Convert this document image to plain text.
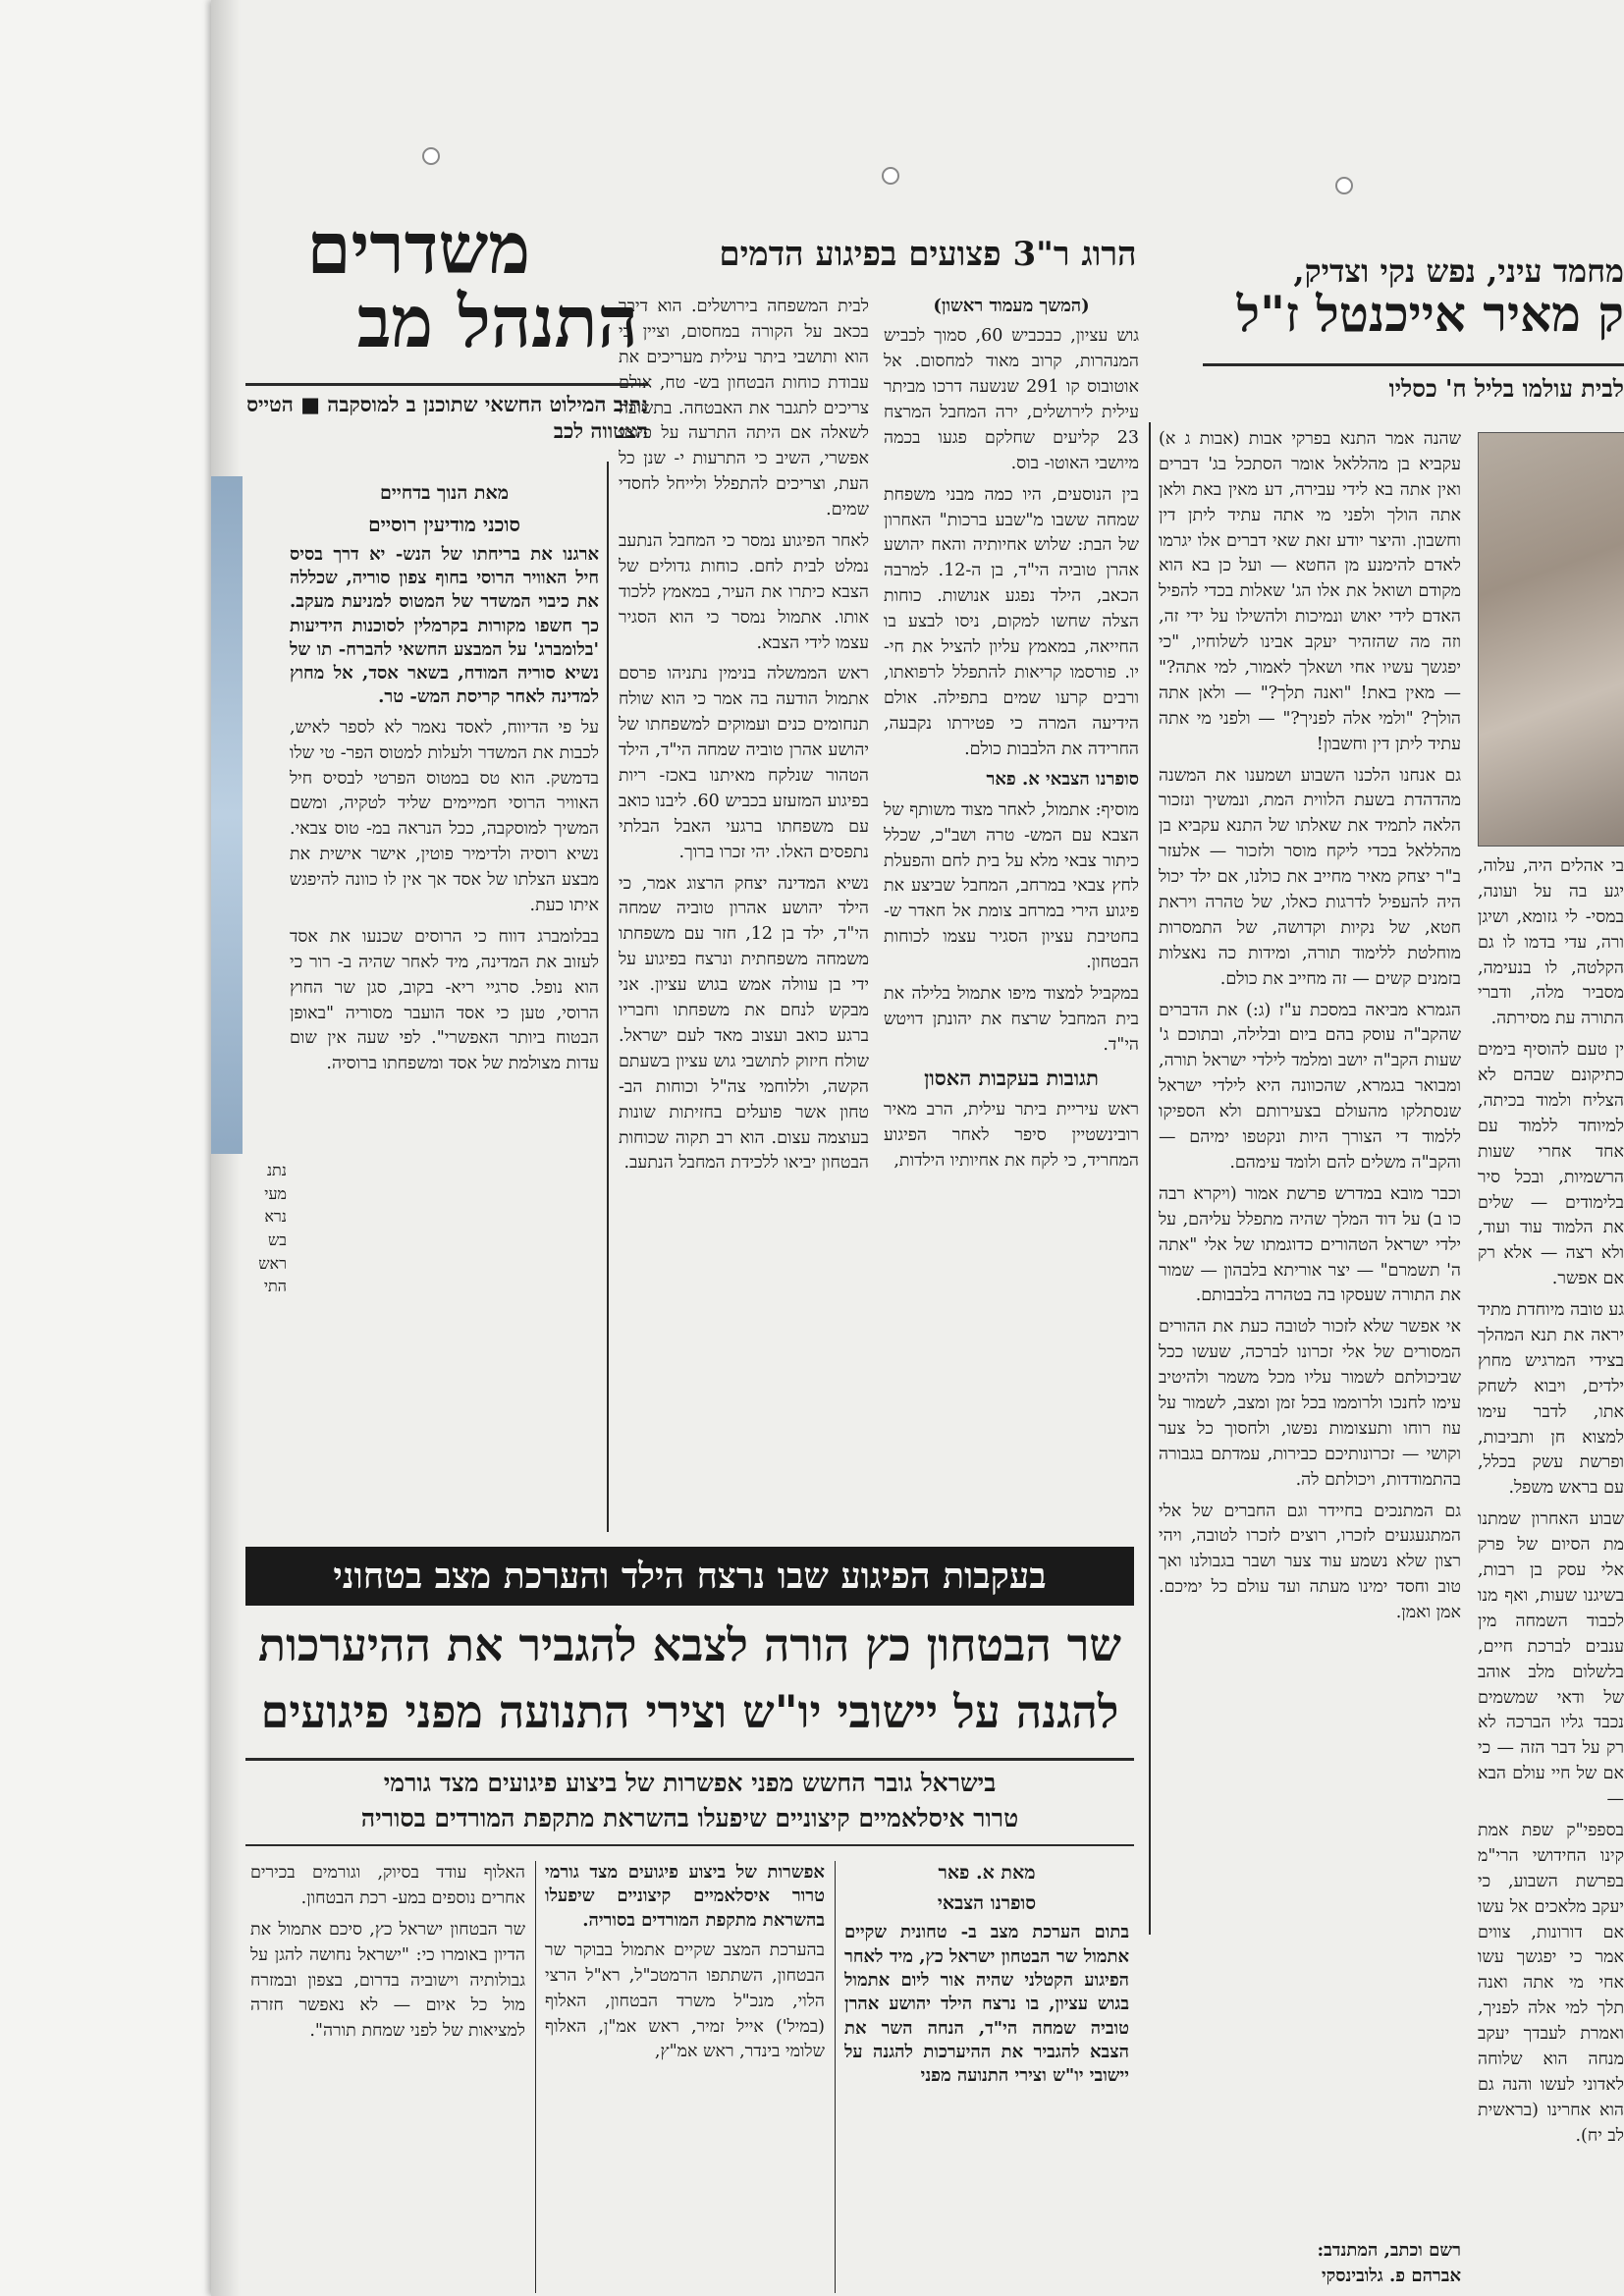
מחמד עיני, נפש נקי וצדיק,
ק מאיר אייכנטל ז"ל
לבית עולמו בליל ח' כסליו
הרוג ר"3 פצועים בפיגוע הדמים
משדרים
התנהל מב
נתיב המילוט החשאי שתוכנן ב למוסקבה ■ הטייס הצטווה לכב

בי אהלים היה, עלוה, יגע בה על ועונה, במסי- לי גזומא, ושיגן ורה, עדי בדמו לו גם הקלטה, לו בנעימה, מסביר מלה, ודברי התורה עת מסירתה.

ין טעם להוסיף בימים כתיקונם שבהם לא הצליח ולמוד בכיתה, למיוחד ללמוד עם אחד אחרי שעות הרשמיות, ובכל סיר בלימודים — שלים את הלמוד עוד ועוד, ולא רצה — אלא רק אם אפשר.

גע טובה מיוחדת מתיד יראה את תנא המהלך בצידי המרגיש מחוץ ילדים, ויבוא לשחק אתו, לדבר עימו למצוא חן ותביבות, ופרשת עשק בכלל, עם בראש משפל.

שבוע האחרון שמתנו מת הסיום של פרק אלי עסק בן רבות, בשיגנו שעות, ואף מנו לכבוד השמחה מין ענבים לברכת חיים, בלשלום מלב אוהב של ודאי שמשמים נכבד גליו הברכה לא רק על דבר הזה — כי אם של חיי עולם הבא —

בספפי"ק שפת אמת קינו החידושי הרי"מ בפרשת השבוע, כי יעקב מלאכים אל עשו אם דורונות, צווים אמר כי יפגשך עשו אחי מי אתה ואנה תלך למי אלה לפניך, ואמרת לעבדך יעקב מנחה הוא שלוחה לאדוני לעשו והנה גם הוא אחרינו (בראשית לב יח).

שהנה אמר התנא בפרקי אבות (אבות ג א) עקביא בן מהללאל אומר הסתכל בג' דברים ואין אתה בא לידי עבירה, דע מאין באת ולאן אתה הולך ולפני מי אתה עתיד ליתן דין וחשבון. והיצר יודע זאת שאי דברים אלו יגרמו לאדם להימנע מן החטא — ועל כן בא הוא מקודם ושואל את אלו הג' שאלות בכדי להפיל האדם לידי יאוש ונמיכות ולהשילו על ידי זה, וזה מה שהזהיר יעקב אבינו לשלוחיו, "כי יפגשך עשיו אחי ושאלך לאמור, למי אתה?" — מאין באת! "ואנה תלך?" — ולאן אתה הולך? "ולמי אלה לפניך?" — ולפני מי אתה עתיד ליתן דין וחשבון!

גם אנחנו הלכנו השבוע ושמענו את המשנה מהדהדת בשעת הלווית המת, ונמשיך ונזכור הלאה לתמיד את שאלתו של התנא עקביא בן מהללאל בכדי ליקח מוסר ולזכור — אלעזר ב"ר יצחק מאיר מחייב את כולנו, אם ילד יכול היה להעפיל לדרגות כאלו, של טהרה ויראת חטא, של נקיות וקדושה, של התמסרות מוחלטת ללימוד תורה, ומידות כה נאצלות בזמנים קשים — זה מחייב את כולם.

הגמרא מביאה במסכת ע"ז (ג:) את הדברים שהקב"ה עוסק בהם ביום ובלילה, ובתוכם ג' שעות הקב"ה יושב ומלמד לילדי ישראל תורה, ומבואר בגמרא, שהכוונה היא לילדי ישראל שנסתלקו מהעולם בצעירותם ולא הספיקו ללמוד די הצורך היות ונקטפו ימיהם — והקב"ה משלים להם ולומד עימהם.

וכבר מובא במדרש פרשת אמור (ויקרא רבה כו ב) על דוד המלך שהיה מתפלל עליהם, על ילדי ישראל הטהורים כדוגמתו של אלי "אתה ה' תשמרם" — יצר אוריתא בלבהון — שמור את התורה שעסקו בה בטהרה בלבבותם.

אי אפשר שלא לזכור לטובה כעת את ההורים המסורים של אלי זכרונו לברכה, שעשו ככל שביכולתם לשמור עליו מכל משמר ולהיטיב עימו לחנכו ולרוממו בכל זמן ומצב, לשמור על עוז רוחו ותעצומות נפשו, ולחסוך כל צער וקושי — זכרונותיכם כבירות, עמדתם בגבורה בהתמודדות, ויכולתם לה.

גם המתנכים בחיידר וגם החברים של אלי המתגעגעים לזכרו, רוצים לזכרו לטובה, ויהי רצון שלא נשמע עוד צער ושבר בגבולנו ואך טוב וחסד ימינו מעתה ועד עולם כל ימיכם. אמן ואמן.

רשם וכתב, המתנדב:
אברהם פ. גלובינסקי

(המשך מעמוד ראשון)

גוש עציון, כבכביש 60, סמוך לכביש המנהרות, קרוב מאוד למחסום. אל אוטובוס קו 291 שנשעה דרכו מביתר עילית לירושלים, ירה המחבל המרצח 23 קליעים שחלקם פגעו בכמה מיושבי האוטו- בוס.

בין הנוסעים, היו כמה מבני משפחת שמחה ששבו מ"שבע ברכות" האחרון של הבת: שלוש אחיותיה והאח יהושע אהרן טוביה הי"ד, בן ה-12. למרבה הכאב, הילד נפגע אנושות. כוחות הצלה שחשו למקום, ניסו לבצע בו החייאה, במאמץ עליון להציל את חי- יו. פורסמו קריאות להתפלל לרפואתו, ורבים קרעו שמים בתפילה. אולם הידיעה המרה כי פטירתו נקבעה, החרידה את הלבבות כולם.

סופרנו הצבאי א. פאר

מוסיף: אתמול, לאחר מצוד משותף של הצבא עם המש- טרה ושב"כ, שכלל כיתור צבאי מלא על בית לחם והפעלת לחץ צבאי במרחב, המחבל שביצע את פיגוע הירי במרחב צומת אל חאדר ש- בחטיבת עציון הסגיר עצמו לכוחות הבטחון.

במקביל למצוד מיפו אתמול בלילה את בית המחבל שרצח את יהונתן דויטש הי"ד.

תגובות בעקבות האסון

ראש עיריית ביתר עילית, הרב מאיר רובינשטיין סיפר לאחר הפיגוע המחריד, כי לקח את אחיותיו הילדות,

לבית המשפחה בירושלים. הוא דיבר בכאב על הקורה במחסום, וציין כי הוא ותושבי ביתר עילית מעריכים את עבודת כוחות הבטחון בש- טח, אולם צריכים לתגבר את האבטחה. בתשובה לשאלה אם היתה התרעה על פיגוע אפשרי, השיב כי התרעות י- שנן כל העת, וצריכים להתפלל ולייחל לחסדי שמים.

לאחר הפיגוע נמסר כי המחבל הנתעב נמלט לבית לחם. כוחות גדולים של הצבא כיתרו את העיר, במאמץ ללכוד אותו. אתמול נמסר כי הוא הסגיר עצמו לידי הצבא.

ראש הממשלה בנימין נתניהו פרסם אתמול הודעה בה אמר כי הוא שולח תנחומים כנים ועמוקים למשפחתו של יהושע אהרן טוביה שמחה הי"ד, הילד הטהור שנלקח מאיתנו באכז- ריות בפיגוע המזעזע בכביש 60. ליבנו כואב עם משפחתו ברגעי האבל הבלתי נתפסים האלו. יהי זכרו ברוך.

נשיא המדינה יצחק הרצוג אמר, כי הילד יהושע אהרון טוביה שמחה הי"ד, ילד בן 12, חזר עם משפחתו משמחה משפחתית ונרצח בפיגוע על ידי בן עוולה אמש בגוש עציון. אני מבקש לנחם את משפחתו וחבריו ברגע כואב ועצוב מאד לעם ישראל. שולח חיזוק לתושבי גוש עציון בשעתם הקשה, וללוחמי צה"ל וכוחות הב- טחון אשר פועלים בחזיתות שונות בעוצמה עצום. הוא רב תקוה שכוחות הבטחון יביאו ללכידת המחבל הנתעב.

מאת הנוך בדחיים

סוכני מודיעין רוסיים

ארגנו את בריחתו של הנש- יא דרך בסיס חיל האוויר הרוסי בחוף צפון סוריה, שכללה את כיבוי המשדר של המטוס למניעת מעקב. כך חשפו מקורות בקרמלין לסוכנות הידיעות 'בלומברג' על המבצע החשאי להברח- תו של נשיא סוריה המודח, בשאר אסד, אל מחוץ למדינה לאחר קריסת המש- טר.

על פי הדיווח, לאסד נאמר לא לספר לאיש, לכבות את המשדר ולעלות למטוס הפר- טי שלו בדמשק. הוא טס במטוס הפרטי לבסיס חיל האוויר הרוסי חמיימים שליד לטקיה, ומשם המשיך למוסקבה, ככל הנראה במ- טוס צבאי. נשיא רוסיה ולדימיר פוטין, אישר אישית את מבצע הצלתו של אסד אך אין לו כוונה להיפגש איתו כעת.

בבלומברג דווח כי הרוסים שכנעו את אסד לעזוב את המדינה, מיד לאחר שהיה ב- רור כי הוא נופל. סרגיי ריא- בקוב, סגן שר החוץ הרוסי, טען כי אסד הועבר מסוריה "באופן הבטוח ביותר האפשרי". לפי שעה אין שום עדות מצולמת של אסד ומשפחתו ברוסיה.

נתנ
מעי
נרא
בש
ראש
התי
בעקבות הפיגוע שבו נרצח הילד והערכת מצב בטחוני
שר הבטחון כץ הורה לצבא להגביר את ההיערכות
להגנה על יישובי יו"ש וצירי התנועה מפני פיגועים
בישראל גובר החשש מפני אפשרות של ביצוע פיגועים מצד גורמי
טרור איסלאמיים קיצוניים שיפעלו בהשראת מתקפת המורדים בסוריה

מאת א. פאר

סופרנו הצבאי

בתום הערכת מצב ב- טחונית שקיים אתמול שר הבטחון ישראל כץ, מיד לאחר הפיגוע הקטלני שהיה אור ליום אתמול בגוש עציון, בו נרצח הילד יהושע אהרן טוביה שמחה הי"ד, הנחה השר את הצבא להגביר את ההיערכות להגנה על יישובי יו"ש וצירי התנועה מפני

אפשרות של ביצוע פיגועים מצד גורמי טרור איסלאמיים קיצוניים שיפעלו בהשראת מתקפת המורדים בסוריה.

בהערכת המצב שקיים אתמול בבוקר שר הבטחון, השתתפו הרמטכ"ל, רא"ל הרצי הלוי, מנכ"ל משרד הבטחון, האלוף (במיל') אייל זמיר, ראש אמ"ן, האלוף שלומי בינדר, ראש אמ"ץ,

האלוף עודד בסיוק, וגורמים בכירים אחרים נוספים במע- רכת הבטחון.

שר הבטחון ישראל כץ, סיכם אתמול את הדיון באומרו כי: "ישראל נחושה להגן על גבולותיה וישוביה בדרום, בצפון ובמזרח מול כל איום — לא נאפשר חזרה למציאות של לפני שמחת תורה".
